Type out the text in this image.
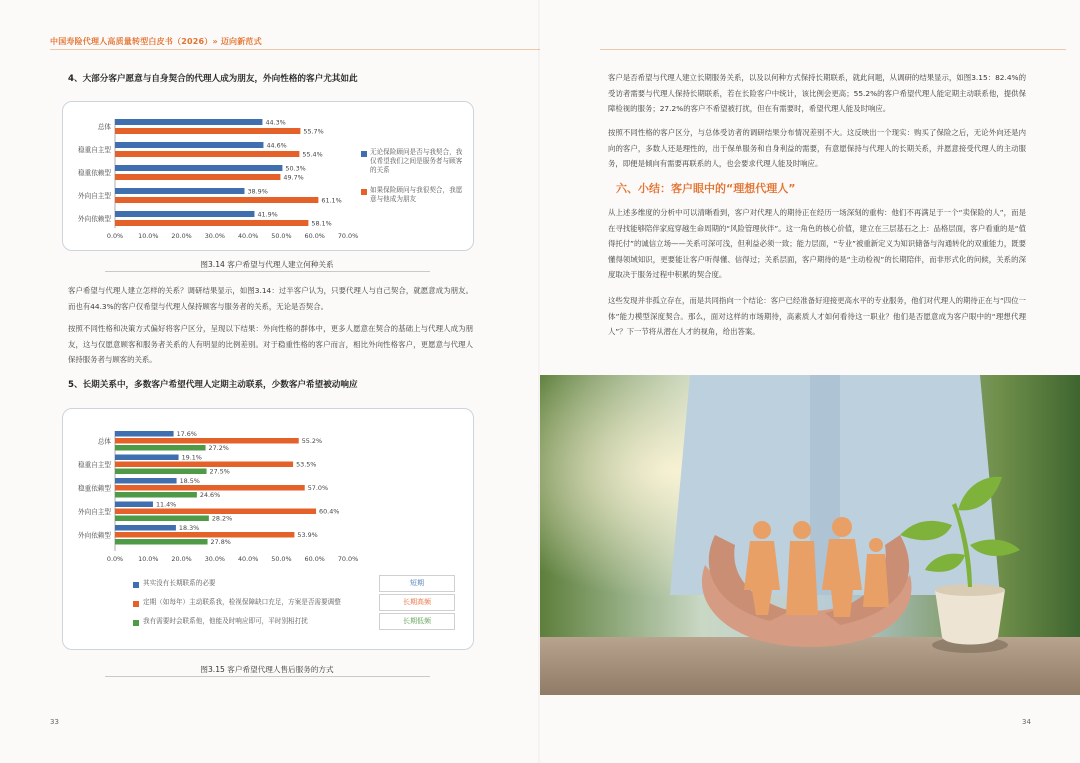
中国寿险代理人高质量转型白皮书（2026）» 迈向新范式
4、大部分客户愿意与自身契合的代理人成为朋友，外向性格的客户尤其如此
总体
44.3%
55.7%
稳重自主型
44.6%
55.4%
稳重依赖型
50.3%
49.7%
外向自主型
38.9%
61.1%
外向依赖型
41.9%
58.1%
0.0% 10.0% 20.0% 30.0% 40.0% 50.0% 60.0% 70.0%
无论保险顾问是否与我契合，我仅希望我们之间是服务者与顾客的关系
如果保险顾问与我很契合，我愿意与他成为朋友
图3.14 客户希望与代理人建立何种关系
客户希望与代理人建立怎样的关系？调研结果显示，如图3.14：过半客户认为，只要代理人与自己契合，就愿意成为朋友。而也有44.3%的客户仅希望与代理人保持顾客与服务者的关系，无论是否契合。
按照不同性格和决策方式偏好将客户区分，呈现以下结果：外向性格的群体中，更多人愿意在契合的基础上与代理人成为朋友，这与仅愿意顾客和服务者关系的人有明显的比例差别。对于稳重性格的客户而言，相比外向性格客户，更愿意与代理人保持服务者与顾客的关系。
5、长期关系中，多数客户希望代理人定期主动联系，少数客户希望被动响应
总体
17.6%
55.2%
27.2%
稳重自主型
19.1%
53.5%
27.5%
稳重依赖型
18.5%
57.0%
24.6%
外向自主型
11.4%
60.4%
28.2%
外向依赖型
18.3%
53.9%
27.8%
0.0% 10.0% 20.0% 30.0% 40.0% 50.0% 60.0% 70.0%
其实没有长期联系的必要
定期（如每年）主动联系我，检视保障缺口充足，方案是否需要调整
我有需要时会联系他，他能及时响应即可，平时别相打扰
短期
长期高频
长期低频
图3.15 客户希望代理人售后服务的方式
33
客户是否希望与代理人建立长期服务关系，以及以何种方式保持长期联系，就此问题，从调研的结果显示，如图3.15：82.4%的受访者需要与代理人保持长期联系，若在长险客户中统计，该比例会更高；55.2%的客户希望代理人能定期主动联系他，提供保障检视的服务；27.2%的客户不希望被打扰，但在有需要时，希望代理人能及时响应。
按照不同性格的客户区分，与总体受访者的调研结果分布情况差别不大。这反映出一个现实：购买了保险之后，无论外向还是内向的客户，多数人还是理性的，出于保单服务和自身利益的需要，有意愿保持与代理人的长期关系，并愿意接受代理人的主动服务，即便是倾向有需要再联系的人，也会要求代理人能及时响应。
六、小结：客户眼中的“理想代理人”
从上述多维度的分析中可以清晰看到，客户对代理人的期待正在经历一场深刻的重构：他们不再满足于一个“卖保险的人”，而是在寻找能够陪伴家庭穿越生命周期的“风险管理伙伴”。这一角色的核心价值，建立在三层基石之上：品格层面，客户看重的是“值得托付”的诚信立场——关系可深可浅，但利益必须一致；能力层面，“专业”被重新定义为知识储备与沟通转化的双重能力，既要懂得领域知识，更要能让客户听得懂、信得过；关系层面，客户期待的是“主动检视”的长期陪伴，而非形式化的问候，关系的深度取决于服务过程中积累的契合度。
这些发现并非孤立存在，而是共同指向一个结论：客户已经准备好迎接更高水平的专业服务，他们对代理人的期待正在与“四位一体”能力模型深度契合。那么，面对这样的市场期待，高素质人才如何看待这一职业？他们是否愿意成为客户眼中的“理想代理人”？下一节将从潜在人才的视角，给出答案。
34
